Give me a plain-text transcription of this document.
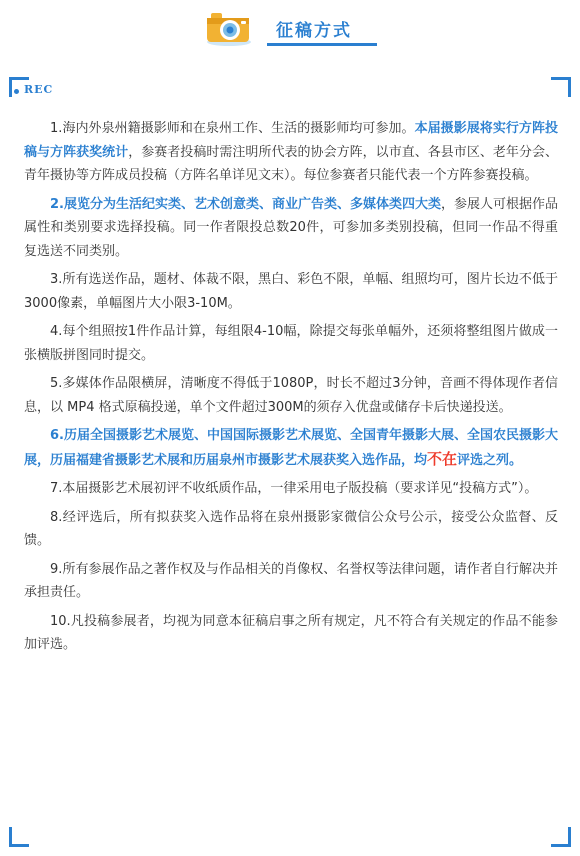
征稿方式
REC

1.海内外泉州籍摄影师和在泉州工作、生活的摄影师均可参加。本届摄影展将实行方阵投稿与方阵获奖统计，参赛者投稿时需注明所代表的协会方阵，以市直、各县市区、老年分会、青年摄协等方阵成员投稿（方阵名单详见文末）。每位参赛者只能代表一个方阵参赛投稿。

2.展览分为生活纪实类、艺术创意类、商业广告类、多媒体类四大类，参展人可根据作品属性和类别要求选择投稿。同一作者限投总数20件，可参加多类别投稿，但同一作品不得重复选送不同类别。

3.所有选送作品，题材、体裁不限，黑白、彩色不限，单幅、组照均可，图片长边不低于3000像素，单幅图片大小限3-10M。

4.每个组照按1件作品计算，每组限4-10幅，除提交每张单幅外，还须将整组图片做成一张横版拼图同时提交。

5.多媒体作品限横屏，清晰度不得低于1080P，时长不超过3分钟，音画不得体现作者信息，以 MP4 格式原稿投递，单个文件超过300M的须存入优盘或储存卡后快递投送。

6.历届全国摄影艺术展览、中国国际摄影艺术展览、全国青年摄影大展、全国农民摄影大展，历届福建省摄影艺术展和历届泉州市摄影艺术展获奖入选作品，均不在评选之列。

7.本届摄影艺术展初评不收纸质作品，一律采用电子版投稿（要求详见“投稿方式”）。

8.经评选后，所有拟获奖入选作品将在泉州摄影家微信公众号公示，接受公众监督、反馈。

9.所有参展作品之著作权及与作品相关的肖像权、名誉权等法律问题，请作者自行解决并承担责任。

10.凡投稿参展者，均视为同意本征稿启事之所有规定，凡不符合有关规定的作品不能参加评选。
